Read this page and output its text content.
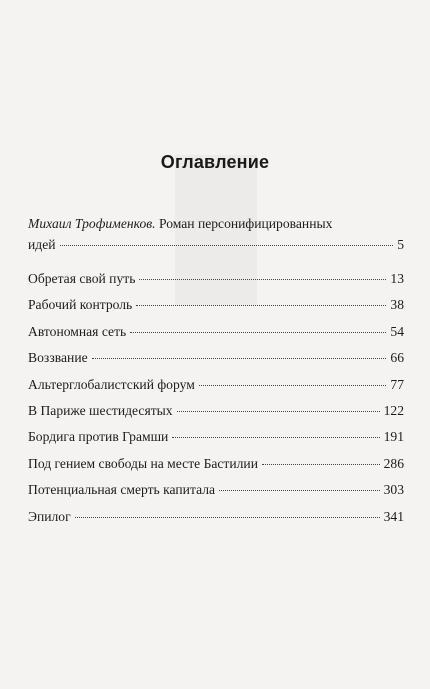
Оглавление
Михаил Трофименков. Роман персонифицированных
идей	5
Обретая свой путь	13
Рабочий контроль	38
Автономная сеть	54
Воззвание	66
Альтерглобалистский форум	77
В Париже шестидесятых	122
Бордига против Грамши	191
Под гением свободы на месте Бастилии	286
Потенциальная смерть капитала	303
Эпилог	341
